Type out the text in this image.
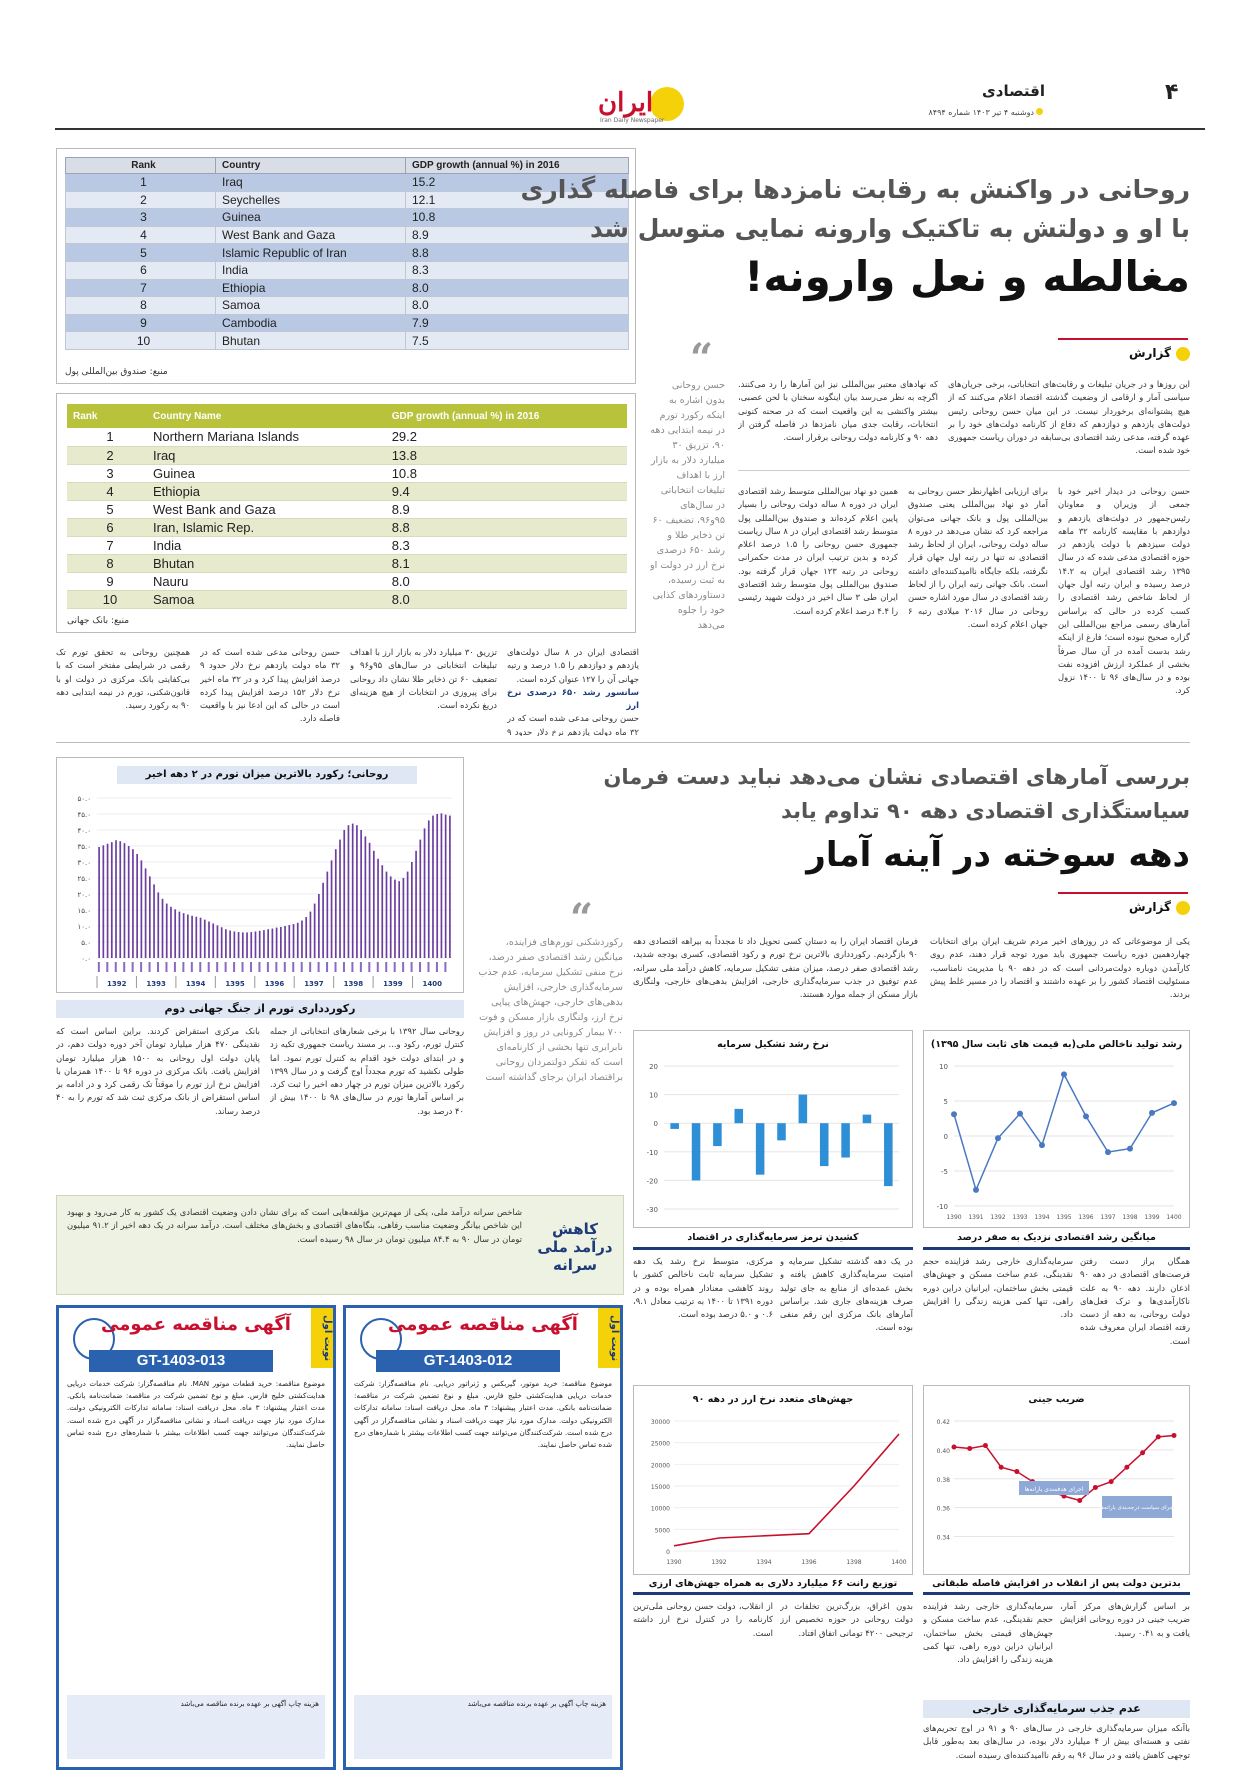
۴
اقتصادی
دوشنبه ۴ تیر ۱۴۰۳ شماره ۸۴۹۴
ایران
Iran Daily Newspaper
Rank	Country	GDP growth (annual %) in 2016
1	Iraq	15.2
2	Seychelles	12.1
3	Guinea	10.8
4	West Bank and Gaza	8.9
5	Islamic Republic of Iran	8.8
6	India	8.3
7	Ethiopia	8.0
8	Samoa	8.0
9	Cambodia	7.9
10	Bhutan	7.5
منبع: صندوق بین‌المللی پول
Rank	Country Name	GDP growth (annual %) in 2016
1	Northern Mariana Islands	29.2
2	Iraq	13.8
3	Guinea	10.8
4	Ethiopia	9.4
5	West Bank and Gaza	8.9
6	Iran, Islamic Rep.	8.8
7	India	8.3
8	Bhutan	8.1
9	Nauru	8.0
10	Samoa	8.0
منبع: بانک جهانی
روحانی در واکنش به رقابت نامزدها برای فاصله گذاری
با او و دولتش به تاکتیک وارونه نمایی متوسل شد
مغالطه و نعل وارونه!
گزارش
“
حسن روحانی بدون اشاره به اینکه رکورد تورم در نیمه ابتدایی دهه ۹۰، تزریق ۳۰ میلیارد دلار به بازار ارز با اهداف تبلیغات انتخاباتی در سال‌های ۹۵و۹۶، تضعیف ۶۰ تن ذخایر طلا و رشد ۶۵۰ درصدی نرخ ارز در دولت او به ثبت رسیده، دستاوردهای کذایی خود را جلوه می‌دهد
این روزها و در جریان تبلیغات و رقابت‌های انتخاباتی، برخی جریان‌های سیاسی آمار و ارقامی از وضعیت گذشته اقتصاد اعلام می‌کنند که از هیچ پشتوانه‌ای برخوردار نیست. در این میان حسن روحانی رئیس دولت‌های یازدهم و دوازدهم که دفاع از کارنامه دولت‌های خود را بر عهده گرفته، مدعی رشد اقتصادی بی‌سابقه در دوران ریاست جمهوری خود شده است.
که نهادهای معتبر بین‌المللی نیز این آمارها را رد می‌کنند. اگرچه به نظر می‌رسد بیان اینگونه سخنان با لحن عصبی، بیشتر واکنشی به این واقعیت است که در صحنه کنونی انتخابات، رقابت جدی میان نامزدها در فاصله گرفتن از دهه ۹۰ و کارنامه دولت روحانی برقرار است.
حسن روحانی در دیدار اخیر خود با جمعی از وزیران و معاونان رئیس‌جمهور در دولت‌های یازدهم و دوازدهم با مقایسه کارنامه ۳۲ ماهه دولت سیزدهم با دولت یازدهم در حوزه اقتصادی مدعی شده که در سال ۱۳۹۵ رشد اقتصادی ایران به ۱۴.۲ درصد رسیده و ایران رتبه اول جهان از لحاظ شاخص رشد اقتصادی را کسب کرده در حالی که براساس آمارهای رسمی مراجع بین‌المللی این گزاره صحیح نبوده است؛ فارغ از اینکه رشد بدست آمده در آن سال صرفاً بخشی از عملکرد ارزش افزوده نفت بوده و در سال‌های ۹۶ تا ۱۴۰۰ نزول کرد.
برای ارزیابی اظهارنظر حسن روحانی به آمار دو نهاد بین‌المللی یعنی صندوق بین‌المللی پول و بانک جهانی می‌توان مراجعه کرد که نشان می‌دهد در دوره ۸ ساله دولت روحانی، ایران از لحاظ رشد اقتصادی نه تنها در رتبه اول جهان قرار نگرفته، بلکه جایگاه ناامیدکننده‌ای داشته است. بانک جهانی رتبه ایران را از لحاظ رشد اقتصادی در سال مورد اشاره حسن روحانی در سال ۲۰۱۶ میلادی رتبه ۶ جهان اعلام کرده است.
همین دو نهاد بین‌المللی متوسط رشد اقتصادی ایران در دوره ۸ ساله دولت روحانی را بسیار پایین اعلام کرده‌اند و صندوق بین‌المللی پول متوسط رشد اقتصادی ایران در ۸ سال ریاست جمهوری حسن روحانی را ۱.۵ درصد اعلام کرده و بدین ترتیب ایران در مدت حکمرانی روحانی در رتبه ۱۲۳ جهان قرار گرفته بود. صندوق بین‌المللی پول متوسط رشد اقتصادی ایران طی ۳ سال اخیر در دولت شهید رئیسی را ۴.۴ درصد اعلام کرده است.
اقتصادی ایران در ۸ سال دولت‌های یازدهم و دوازدهم را ۱.۵ درصد و رتبه جهانی آن را ۱۲۷ عنوان کرده است.
سانسور رشد ۶۵۰ درصدی نرخ ارز
حسن روحانی مدعی شده است که در ۳۲ ماه دولت یازدهم نرخ دلار حدود ۹
تزریق ۳۰ میلیارد دلار به بازار ارز با اهداف تبلیغات انتخاباتی در سال‌های ۹۵و۹۶ و تضعیف ۶۰ تن ذخایر طلا نشان داد روحانی برای پیروزی در انتخابات از هیچ هزینه‌ای دریغ نکرده است.
حسن روحانی مدعی شده است که در ۳۲ ماه دولت یازدهم نرخ دلار حدود ۹ درصد افزایش پیدا کرد و در ۳۲ ماه اخیر نرخ دلار ۱۵۲ درصد افزایش پیدا کرده است در حالی که این ادعا نیز با واقعیت فاصله دارد.
همچنین روحانی به تحقق تورم تک رقمی در شرایطی مفتخر است که با بی‌کفایتی بانک مرکزی در دولت او با قانون‌شکنی، تورم در نیمه ابتدایی دهه ۹۰ به رکورد رسید.
روحانی؛ رکورد بالاترین میزان تورم در ۲ دهه اخیر
۵۰.۰
۴۵.۰
۴۰.۰
۳۵.۰
۳۰.۰
۲۵.۰
۲۰.۰
۱۵.۰
۱۰.۰
۵.۰
۰.۰
1392	1393	1394	1395	1396	1397	1398	1399	1400
رکوردداری تورم از جنگ جهانی دوم
روحانی سال ۱۳۹۲ با برخی شعارهای انتخاباتی از جمله کنترل تورم، رکود و... بر مسند ریاست جمهوری تکیه زد و در ابتدای دولت خود اقدام به کنترل تورم نمود. اما طولی نکشید که تورم مجدداً اوج گرفت و در سال ۱۳۹۹ رکورد بالاترین میزان تورم در چهار دهه اخیر را ثبت کرد. بر اساس آمارها تورم در سال‌های ۹۸ تا ۱۴۰۰ بیش از ۴۰ درصد بود.
بانک مرکزی استقراض کردند. براین اساس است که نقدینگی ۴۷۰ هزار میلیارد تومان آخر دوره دولت دهم، در پایان دولت اول روحانی به ۱۵۰۰ هزار میلیارد تومان افزایش یافت. بانک مرکزی در دوره ۹۶ تا ۱۴۰۰ همزمان با افزایش نرخ ارز تورم را موقتاً تک رقمی کرد و در ادامه بر اساس استقراض از بانک مرکزی ثبت شد که تورم را به ۴۰ درصد رساند.
بررسی آمارهای اقتصادی نشان می‌دهد نباید دست فرمان سیاستگذاری اقتصادی دهه ۹۰ تداوم یابد
دهه سوخته در آینه آمار
گزارش
“
رکوردشکنی تورم‌های فزاینده، میانگین رشد اقتصادی صفر درصد، نرخ منفی تشکیل سرمایه، عدم جذب سرمایه‌گذاری خارجی، افزایش بدهی‌های خارجی، جهش‌های پیاپی نرخ ارز، ولنگاری بازار مسکن و فوت ۷۰۰ بیمار کرونایی در روز و افزایش نابرابری تنها بخشی از کارنامه‌ای است که تفکر دولتمردان روحانی براقتصاد ایران برجای گذاشته است
یکی از موضوعاتی که در روزهای اخیر مردم شریف ایران برای انتخابات چهاردهمین دوره ریاست جمهوری باید مورد توجه قرار دهند، عدم روی کارآمدن دوباره دولت‌مردانی است که در دهه ۹۰ با مدیریت نامناسب، مسئولیت اقتصاد کشور را بر عهده داشتند و اقتصاد را در مسیر غلط پیش بردند.
فرمان اقتصاد ایران را به دستان کسی تحویل داد تا مجدداً به بیراهه اقتصادی دهه ۹۰ بازگردیم. رکوردداری بالاترین نرخ تورم و رکود اقتصادی، کسری بودجه شدید، رشد اقتصادی صفر درصد، میزان منفی تشکیل سرمایه، کاهش درآمد ملی سرانه، عدم توفیق در جذب سرمایه‌گذاری خارجی، افزایش بدهی‌های خارجی، ولنگاری بازار مسکن از جمله موارد هستند.
رشد تولید ناخالص ملی(به قیمت های ثابت سال ۱۳۹۵)
-10
-5
0
5
10
1390 1391 1392 1393 1394 1395 1396 1397 1398 1399 1400
میانگین رشد اقتصادی نزدیک به صفر درصد
نرخ رشد تشکیل سرمایه
-30
-20
-10
0
10
20
کشیدن ترمز سرمایه‌گذاری در اقتصاد
همگان براز دست رفتن فرصت‌های اقتصادی در دهه ۹۰ اذعان دارند. دهه ۹۰ به علت ناکارآمدی‌ها و ترک فعل‌های دولت روحانی، به دهه از دست رفته اقتصاد ایران معروف شده است.
سرمایه‌گذاری خارجی رشد فزاینده حجم نقدینگی، عدم ساخت مسکن و جهش‌های قیمتی بخش ساختمان، ایرانیان دراین دوره راهی، تنها کمی هزینه زندگی را افزایش داد.
در یک دهه گذشته تشکیل سرمایه و امنیت سرمایه‌گذاری کاهش یافته و بخش عمده‌ای از منابع به جای تولید صرف هزینه‌های جاری شد. براساس آمارهای بانک مرکزی این رقم منفی بوده است.
مرکزی، متوسط نرخ رشد یک دهه تشکیل سرمایه ثابت ناخالص کشور با روند کاهشی معنادار همراه بوده و در دوره ۱۳۹۱ تا ۱۴۰۰ به ترتیب معادل ۹.۱، ۰.۶ و ۵.۰ درصد بوده است.
کاهش درآمد ملی سرانه
شاخص سرانه درآمد ملی، یکی از مهم‌ترین مؤلفه‌هایی است که برای نشان دادن وضعیت اقتصادی یک کشور به کار می‌رود و بهبود این شاخص بیانگر وضعیت مناسب رفاهی، بنگاه‌های اقتصادی و بخش‌های مختلف است. درآمد سرانه در یک دهه اخیر از ۹۱.۲ میلیون تومان در سال ۹۰ به ۸۴.۴ میلیون تومان در سال ۹۸ رسیده است.
ضریب جینی
0.34
0.36
0.38
0.40
0.42
اجرای هدفمندی یارانه‌ها
اجرای سیاست درجه‌بندی یارانه‌ها
بدترین دولت پس از انقلاب در افزایش فاصله طبقاتی
جهش‌های متعدد نرخ ارز در دهه ۹۰
0
5000
10000
15000
20000
25000
30000
1390	1392	1394	1396	1398	1400
توزیع رانت ۶۶ میلیارد دلاری به همراه جهش‌های ارزی
بر اساس گزارش‌های مرکز آمار، ضریب جینی در دوره روحانی افزایش یافت و به ۰.۴۱ رسید.
سرمایه‌گذاری خارجی رشد فزاینده حجم نقدینگی، عدم ساخت مسکن و جهش‌های قیمتی بخش ساختمان، ایرانیان دراین دوره راهی، تنها کمی هزینه زندگی را افزایش داد.
بدون اغراق، بزرگ‌ترین تخلفات در دولت روحانی در حوزه تخصیص ارز ترجیحی ۴۲۰۰ تومانی اتفاق افتاد.
از انقلاب، دولت حسن روحانی ملی‌ترین کارنامه را در کنترل نرخ ارز داشته است.
عدم جذب سرمایه‌گذاری خارجی
باآنکه میزان سرمایه‌گذاری خارجی در سال‌های ۹۰ و ۹۱ در اوج تحریم‌های نفتی و هسته‌ای بیش از ۴ میلیارد دلار بوده، در سال‌های بعد به‌طور قابل توجهی کاهش یافته و در سال ۹۶ به رقم ناامیدکننده‌ای رسیده است.
نوبت اول
آگهی مناقصه عمومی
GT-1403-012
موضوع مناقصه: خرید موتور، گیربکس و ژنراتور دریایی. نام مناقصه‌گزار: شرکت خدمات دریایی هدایت‌کشتی خلیج فارس. مبلغ و نوع تضمین شرکت در مناقصه: ضمانت‌نامه بانکی. مدت اعتبار پیشنهاد: ۳ ماه. محل دریافت اسناد: سامانه تدارکات الکترونیکی دولت. مدارک مورد نیاز جهت دریافت اسناد و نشانی مناقصه‌گزار در آگهی درج شده است. شرکت‌کنندگان می‌توانند جهت کسب اطلاعات بیشتر با شماره‌های درج شده تماس حاصل نمایند.
هزینه چاپ آگهی بر عهده برنده مناقصه می‌باشد
نوبت اول
آگهی مناقصه عمومی
GT-1403-013
موضوع مناقصه: خرید قطعات موتور MAN. نام مناقصه‌گزار: شرکت خدمات دریایی هدایت‌کشتی خلیج فارس. مبلغ و نوع تضمین شرکت در مناقصه: ضمانت‌نامه بانکی. مدت اعتبار پیشنهاد: ۳ ماه. محل دریافت اسناد: سامانه تدارکات الکترونیکی دولت. مدارک مورد نیاز جهت دریافت اسناد و نشانی مناقصه‌گزار در آگهی درج شده است. شرکت‌کنندگان می‌توانند جهت کسب اطلاعات بیشتر با شماره‌های درج شده تماس حاصل نمایند.
هزینه چاپ آگهی بر عهده برنده مناقصه می‌باشد
